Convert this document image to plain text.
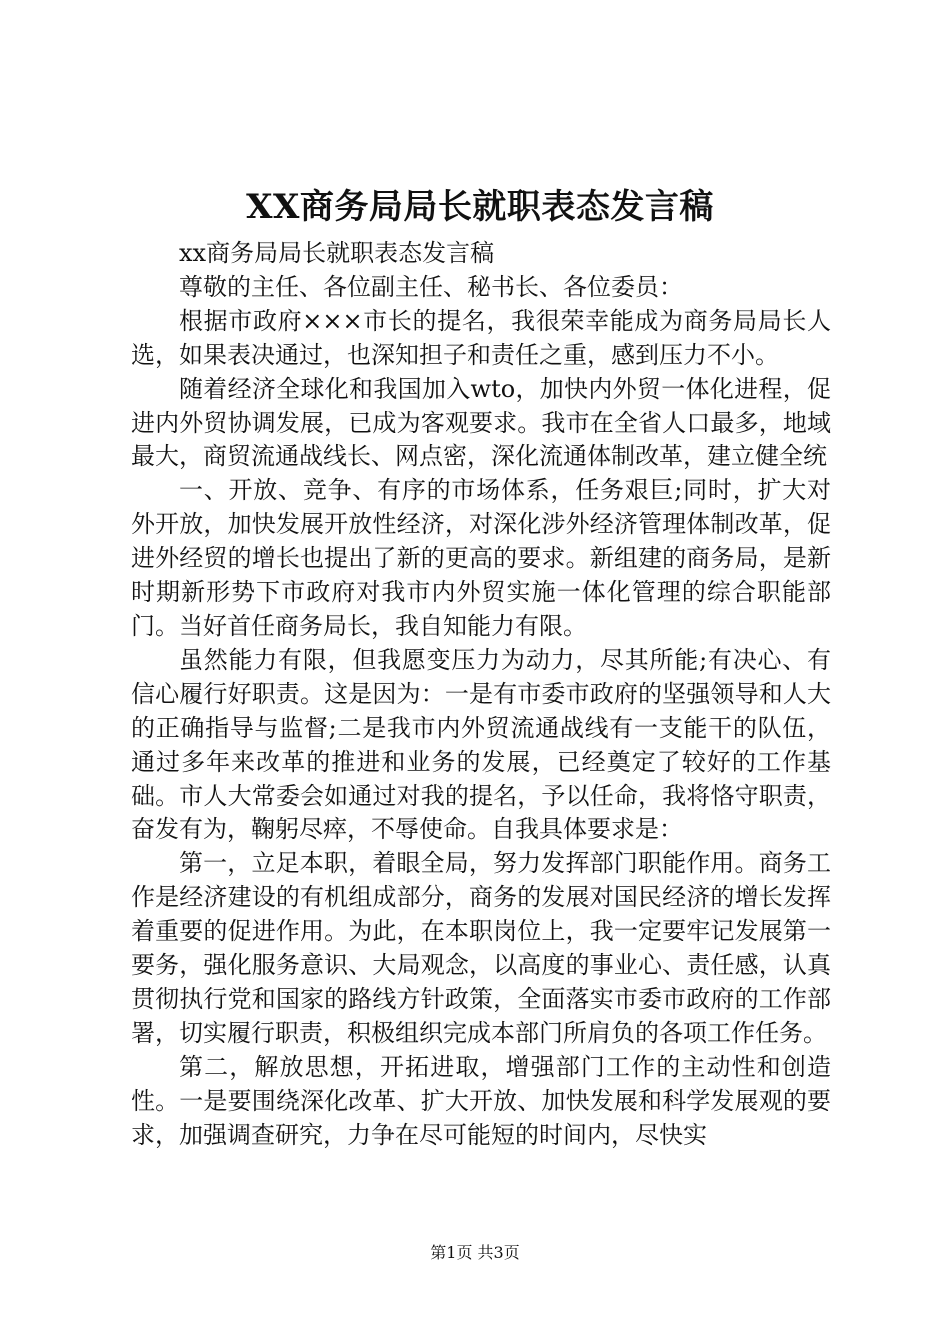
XX商务局局长就职表态发言稿

xx商务局局长就职表态发言稿

尊敬的主任、各位副主任、秘书长、各位委员：

根据市政府×××市长的提名，我很荣幸能成为商务局局长人选，如果表决通过，也深知担子和责任之重，感到压力不小。

随着经济全球化和我国加入wto，加快内外贸一体化进程，促进内外贸协调发展，已成为客观要求。我市在全省人口最多，地域最大，商贸流通战线长、网点密，深化流通体制改革，建立健全统

一、开放、竞争、有序的市场体系，任务艰巨;同时，扩大对外开放，加快发展开放性经济，对深化涉外经济管理体制改革，促进外经贸的增长也提出了新的更高的要求。新组建的商务局，是新时期新形势下市政府对我市内外贸实施一体化管理的综合职能部门。当好首任商务局长，我自知能力有限。

虽然能力有限，但我愿变压力为动力，尽其所能;有决心、有信心履行好职责。这是因为：一是有市委市政府的坚强领导和人大的正确指导与监督;二是我市内外贸流通战线有一支能干的队伍，通过多年来改革的推进和业务的发展，已经奠定了较好的工作基础。市人大常委会如通过对我的提名，予以任命，我将恪守职责，奋发有为，鞠躬尽瘁，不辱使命。自我具体要求是：

第一，立足本职，着眼全局，努力发挥部门职能作用。商务工作是经济建设的有机组成部分，商务的发展对国民经济的增长发挥着重要的促进作用。为此，在本职岗位上，我一定要牢记发展第一要务，强化服务意识、大局观念，以高度的事业心、责任感，认真贯彻执行党和国家的路线方针政策，全面落实市委市政府的工作部署，切实履行职责，积极组织完成本部门所肩负的各项工作任务。

第二，解放思想，开拓进取，增强部门工作的主动性和创造性。一是要围绕深化改革、扩大开放、加快发展和科学发展观的要求，加强调查研究，力争在尽可能短的时间内，尽快实

第1页 共3页
